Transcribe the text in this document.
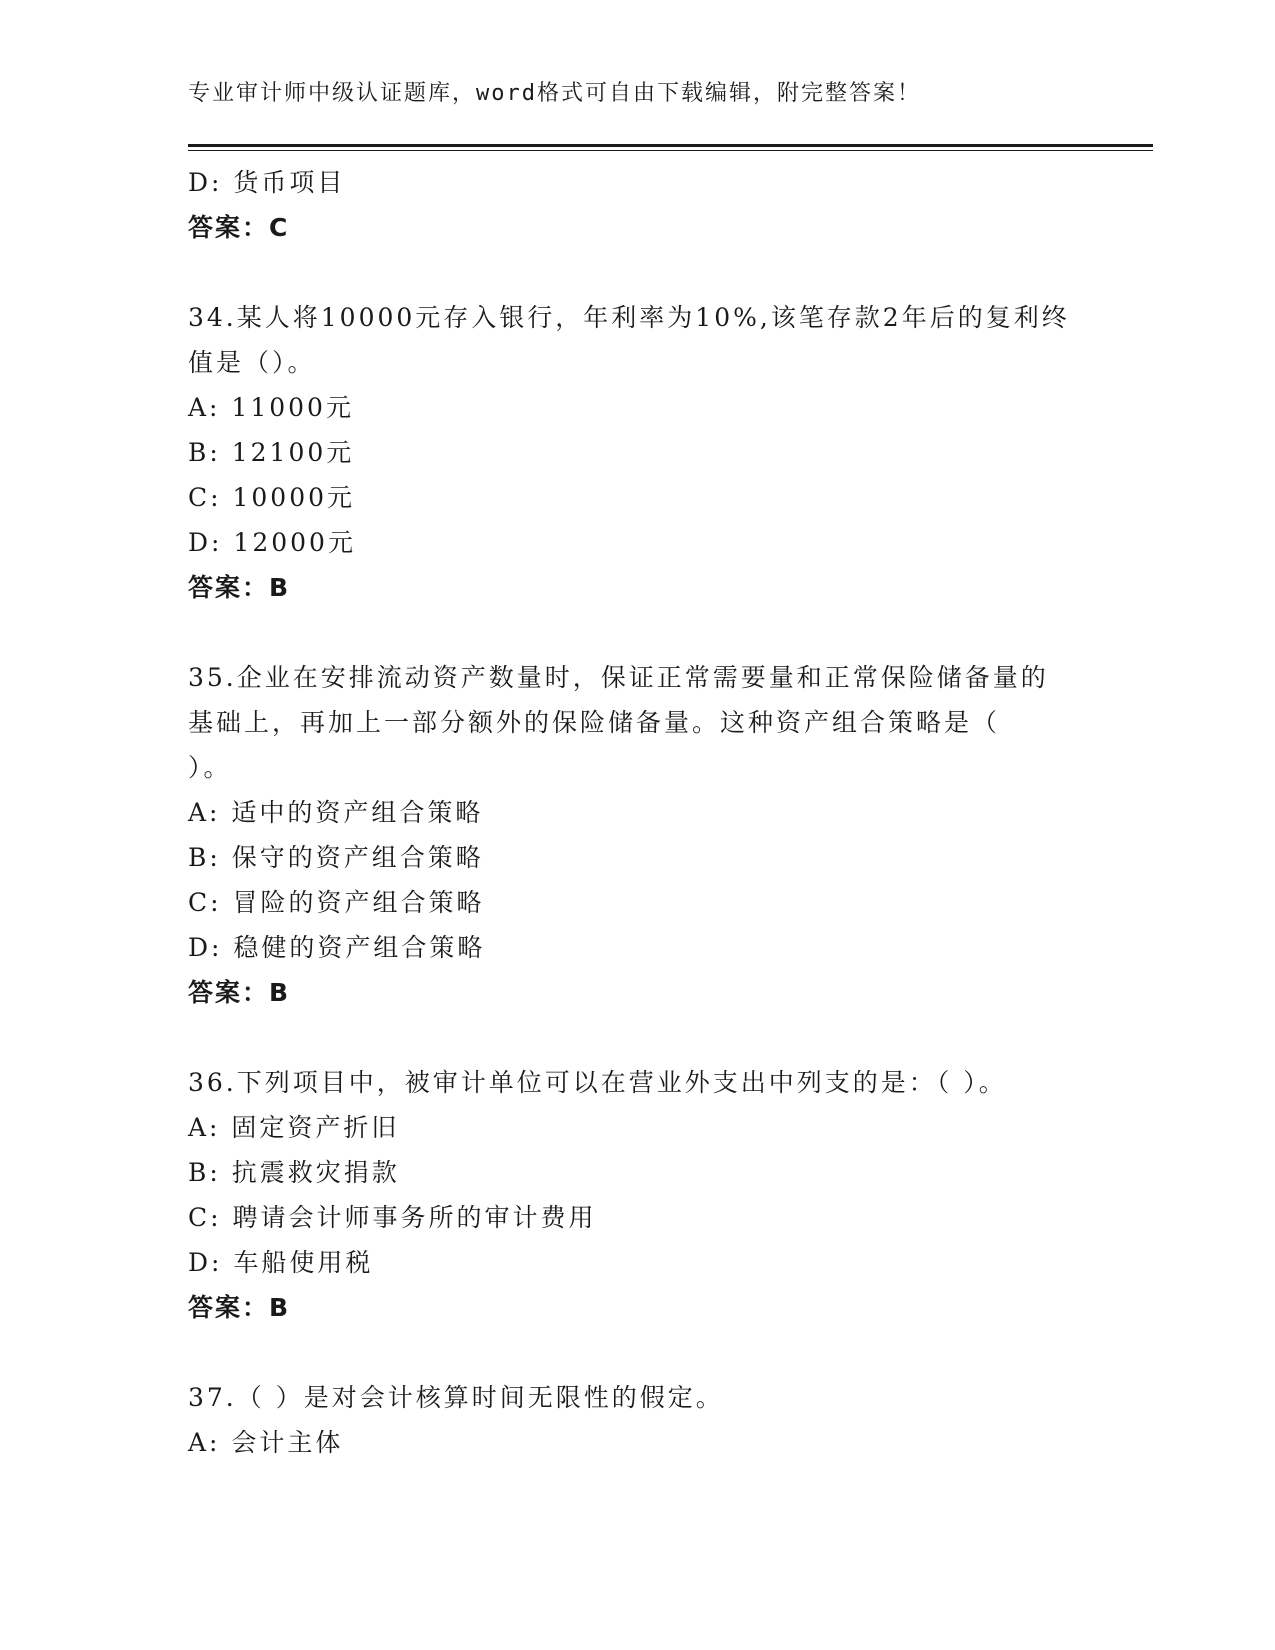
专业审计师中级认证题库，word格式可自由下载编辑，附完整答案！
D: 货币项目
答案：C
34.某人将10000元存入银行，年利率为10%,该笔存款2年后的复利终
值是（）。
A: 11000元
B: 12100元
C: 10000元
D: 12000元
答案：B
35.企业在安排流动资产数量时，保证正常需要量和正常保险储备量的
基础上，再加上一部分额外的保险储备量。这种资产组合策略是（
）。
A: 适中的资产组合策略
B: 保守的资产组合策略
C: 冒险的资产组合策略
D: 稳健的资产组合策略
答案：B
36.下列项目中，被审计单位可以在营业外支出中列支的是：（ ）。
A: 固定资产折旧
B: 抗震救灾捐款
C: 聘请会计师事务所的审计费用
D: 车船使用税
答案：B
37.（ ）是对会计核算时间无限性的假定。
A: 会计主体
